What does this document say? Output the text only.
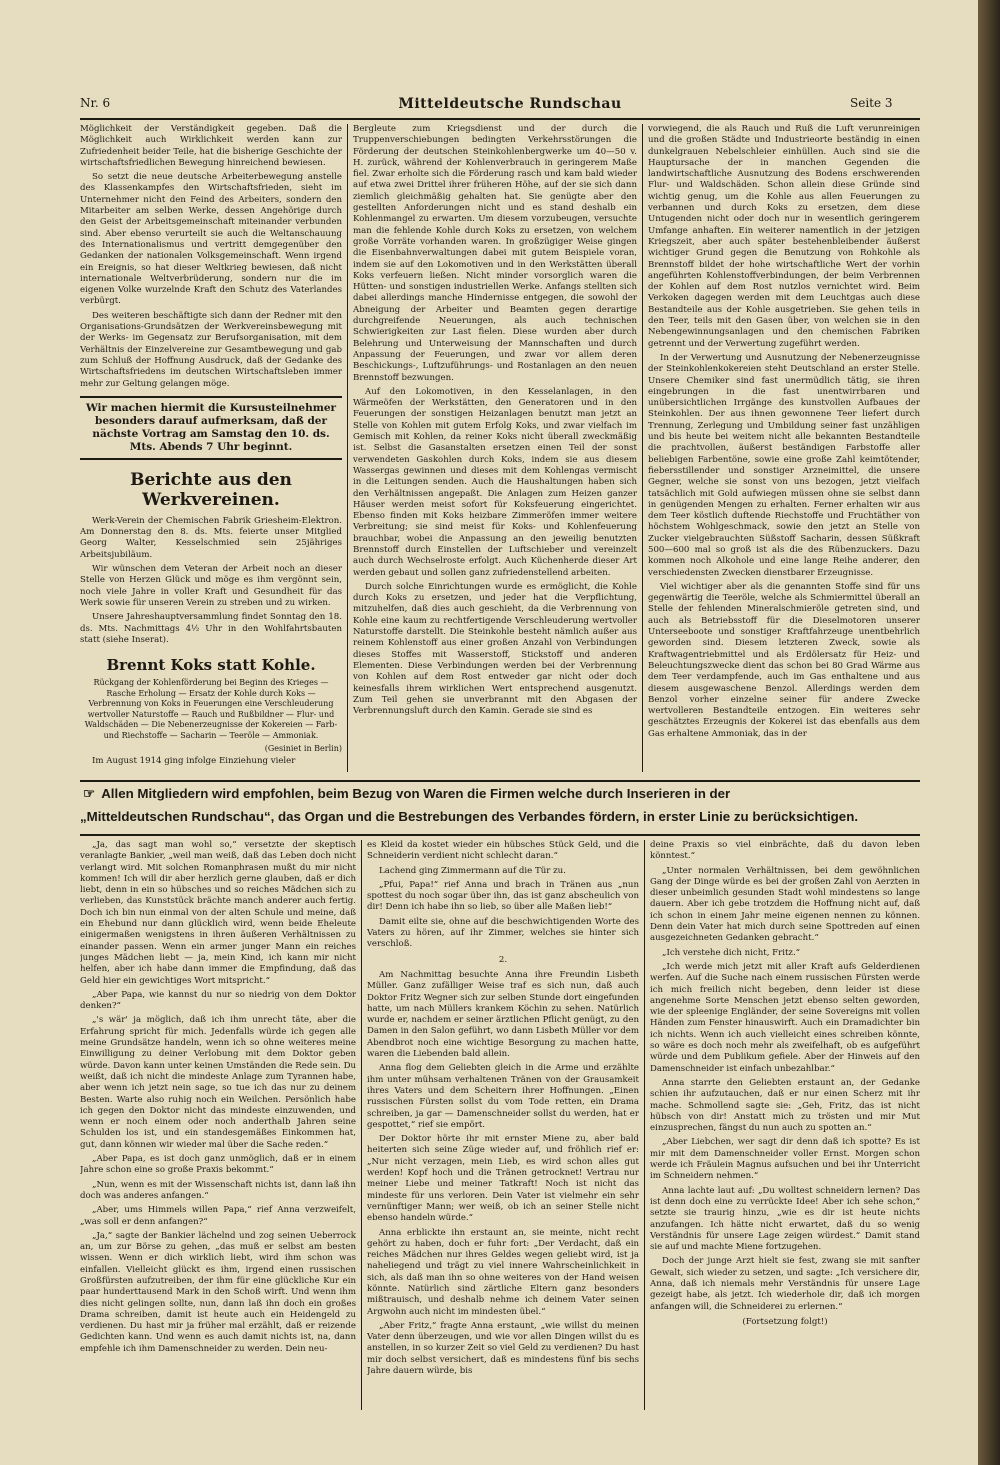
Nr. 6	Mitteldeutsche Rundschau	Seite 3

Möglichkeit der Verständigkeit gegeben. Daß die Möglichkeit auch Wirklichkeit werden kann zur Zufriedenheit beider Teile, hat die bisherige Geschichte der wirtschaftsfriedlichen Bewegung hinreichend bewiesen.

So setzt die neue deutsche Arbeiterbewegung anstelle des Klassenkampfes den Wirtschaftsfrieden, sieht im Unternehmer nicht den Feind des Arbeiters, sondern den Mitarbeiter am selben Werke, dessen Angehörige durch den Geist der Arbeitsgemeinschaft miteinander verbunden sind. Aber ebenso verurteilt sie auch die Weltanschauung des Internationalismus und vertritt demgegenüber den Gedanken der nationalen Volksgemeinschaft. Wenn irgend ein Ereignis, so hat dieser Weltkrieg bewiesen, daß nicht internationale Weltverbrüderung, sondern nur die im eigenen Volke wurzelnde Kraft den Schutz des Vaterlandes verbürgt.

Des weiteren beschäftigte sich dann der Redner mit den Organisations-Grundsätzen der Werkvereinsbewegung mit der Werks- im Gegensatz zur Berufsorganisation, mit dem Verhältnis der Einzelvereine zur Gesamtbewegung und gab zum Schluß der Hoffnung Ausdruck, daß der Gedanke des Wirtschaftsfriedens im deutschen Wirtschaftsleben immer mehr zur Geltung gelangen möge.

Wir machen hiermit die Kursusteilnehmer besonders darauf aufmerksam, daß der nächste Vortrag am Samstag den 10. ds. Mts. Abends 7 Uhr beginnt.
Berichte aus den Werkvereinen.

Werk-Verein der Chemischen Fabrik Griesheim-Elektron. Am Donnerstag den 8. ds. Mts. feierte unser Mitglied Georg Walter, Kesselschmied sein 25jähriges Arbeitsjubiläum.

Wir wünschen dem Veteran der Arbeit noch an dieser Stelle von Herzen Glück und möge es ihm vergönnt sein, noch viele Jahre in voller Kraft und Gesundheit für das Werk sowie für unseren Verein zu streben und zu wirken.

Unsere Jahreshauptversammlung findet Sonntag den 18. ds. Mts. Nachmittags 4½ Uhr in den Wohlfahrtsbauten statt (siehe Inserat).

Brennt Koks statt Kohle.
Rückgang der Kohlenförderung bei Beginn des Krieges — Rasche Erholung — Ersatz der Kohle durch Koks — Verbrennung von Koks in Feuerungen eine Verschleuderung wertvoller Naturstoffe — Rauch und Rußbildner — Flur- und Waldschäden — Die Nebenerzeugnisse der Kokereien — Farb- und Riechstoffe — Sacharin — Teeröle — Ammoniak.
(Gesiniet in Berlin)

Im August 1914 ging infolge Einziehung vieler

Bergleute zum Kriegsdienst und der durch die Truppenverschiebungen bedingten Verkehrsstörungen die Förderung der deutschen Steinkohlenbergwerke um 40—50 v. H. zurück, während der Kohlenverbrauch in geringerem Maße fiel. Zwar erholte sich die Förderung rasch und kam bald wieder auf etwa zwei Drittel ihrer früheren Höhe, auf der sie sich dann ziemlich gleichmäßig gehalten hat. Sie genügte aber den gestellten Anforderungen nicht und es stand deshalb ein Kohlenmangel zu erwarten. Um diesem vorzubeugen, versuchte man die fehlende Kohle durch Koks zu ersetzen, von welchem große Vorräte vorhanden waren. In großzügiger Weise gingen die Eisenbahnverwaltungen dabei mit gutem Beispiele voran, indem sie auf den Lokomotiven und in den Werkstätten überall Koks verfeuern ließen. Nicht minder vorsorglich waren die Hütten- und sonstigen industriellen Werke. Anfangs stellten sich dabei allerdings manche Hindernisse entgegen, die sowohl der Abneigung der Arbeiter und Beamten gegen derartige durchgreifende Neuerungen, als auch technischen Schwierigkeiten zur Last fielen. Diese wurden aber durch Belehrung und Unterweisung der Mannschaften und durch Anpassung der Feuerungen, und zwar vor allem deren Beschickungs-, Luftzuführungs- und Rostanlagen an den neuen Brennstoff bezwungen.

Auf den Lokomotiven, in den Kesselanlagen, in den Wärmeöfen der Werkstätten, den Generatoren und in den Feuerungen der sonstigen Heizanlagen benutzt man jetzt an Stelle von Kohlen mit gutem Erfolg Koks, und zwar vielfach im Gemisch mit Kohlen, da reiner Koks nicht überall zweckmäßig ist. Selbst die Gasanstalten ersetzen einen Teil der sonst verwendeten Gaskohlen durch Koks, indem sie aus diesem Wassergas gewinnen und dieses mit dem Kohlengas vermischt in die Leitungen senden. Auch die Haushaltungen haben sich den Verhältnissen angepaßt. Die Anlagen zum Heizen ganzer Häuser werden meist sofort für Koksfeuerung eingerichtet. Ebenso finden mit Koks heizbare Zimmeröfen immer weitere Verbreitung; sie sind meist für Koks- und Kohlenfeuerung brauchbar, wobei die Anpassung an den jeweilig benutzten Brennstoff durch Einstellen der Luftschieber und vereinzelt auch durch Wechselroste erfolgt. Auch Küchenherde dieser Art werden gebaut und sollen ganz zufriedenstellend arbeiten.

Durch solche Einrichtungen wurde es ermöglicht, die Kohle durch Koks zu ersetzen, und jeder hat die Verpflichtung, mitzuhelfen, daß dies auch geschieht, da die Verbrennung von Kohle eine kaum zu rechtfertigende Verschleuderung wertvoller Naturstoffe darstellt. Die Steinkohle besteht nämlich außer aus reinem Kohlenstoff aus einer großen Anzahl von Verbindungen dieses Stoffes mit Wasserstoff, Stickstoff und anderen Elementen. Diese Verbindungen werden bei der Verbrennung von Kohlen auf dem Rost entweder gar nicht oder doch keinesfalls ihrem wirklichen Wert entsprechend ausgenutzt. Zum Teil gehen sie unverbrannt mit den Abgasen der Verbrennungsluft durch den Kamin. Gerade sie sind es

vorwiegend, die als Rauch und Ruß die Luft verunreinigen und die großen Städte und Industrieorte beständig in einen dunkelgrauen Nebelschleier einhüllen. Auch sind sie die Hauptursache der in manchen Gegenden die landwirtschaftliche Ausnutzung des Bodens erschwerenden Flur- und Waldschäden. Schon allein diese Gründe sind wichtig genug, um die Kohle aus allen Feuerungen zu verbannen und durch Koks zu ersetzen, dem diese Untugenden nicht oder doch nur in wesentlich geringerem Umfange anhaften. Ein weiterer namentlich in der jetzigen Kriegszeit, aber auch später bestehenbleibender äußerst wichtiger Grund gegen die Benutzung von Rohkohle als Brennstoff bildet der hohe wirtschaftliche Wert der vorhin angeführten Kohlenstoffverbindungen, der beim Verbrennen der Kohlen auf dem Rost nutzlos vernichtet wird. Beim Verkoken dagegen werden mit dem Leuchtgas auch diese Bestandteile aus der Kohle ausgetrieben. Sie gehen teils in den Teer, teils mit den Gasen über, von welchen sie in den Nebengewinnungsanlagen und den chemischen Fabriken getrennt und der Verwertung zugeführt werden.

In der Verwertung und Ausnutzung der Nebenerzeugnisse der Steinkohlenkokereien steht Deutschland an erster Stelle. Unsere Chemiker sind fast unermüdlich tätig, sie ihren eingebrungen in die fast unentwirrbaren und unübersichtlichen Irrgänge des kunstvollen Aufbaues der Steinkohlen. Der aus ihnen gewonnene Teer liefert durch Trennung, Zerlegung und Umbildung seiner fast unzähligen und bis heute bei weitem nicht alle bekannten Bestandteile die prachtvollen, äußerst beständigen Farbstoffe aller beliebigen Farbentöne, sowie eine große Zahl keimtötender, fiebersstillender und sonstiger Arzneimittel, die unsere Gegner, welche sie sonst von uns bezogen, jetzt vielfach tatsächlich mit Gold aufwiegen müssen ohne sie selbst dann in genügenden Mengen zu erhalten. Ferner erhalten wir aus dem Teer köstlich duftende Riechstoffe und Fruchtäther von höchstem Wohlgeschmack, sowie den jetzt an Stelle von Zucker vielgebrauchten Süßstoff Sacharin, dessen Süßkraft 500—600 mal so groß ist als die des Rübenzuckers. Dazu kommen noch Alkohole und eine lange Reihe anderer, den verschiedensten Zwecken dienstbarer Erzeugnisse.

Viel wichtiger aber als die genannten Stoffe sind für uns gegenwärtig die Teeröle, welche als Schmiermittel überall an Stelle der fehlenden Mineralschmieröle getreten sind, und auch als Betriebsstoff für die Dieselmotoren unserer Unterseeboote und sonstiger Kraftfahrzeuge unentbehrlich geworden sind. Diesem letzteren Zweck, sowie als Kraftwagentriebmittel und als Erdölersatz für Heiz- und Beleuchtungszwecke dient das schon bei 80 Grad Wärme aus dem Teer verdampfende, auch im Gas enthaltene und aus diesem ausgewaschene Benzol. Allerdings werden dem Benzol vorher einzelne seiner für andere Zwecke wertvolleren Bestandteile entzogen. Ein weiteres sehr geschätztes Erzeugnis der Kokerei ist das ebenfalls aus dem Gas erhaltene Ammoniak, das in der

☞ Allen Mitgliedern wird empfohlen, beim Bezug von Waren die Firmen welche durch Inserieren in der
„Mitteldeutschen Rundschau“, das Organ und die Bestrebungen des Verbandes fördern, in erster Linie zu berücksichtigen.

„Ja, das sagt man wohl so,“ versetzte der skeptisch veranlagte Bankier, „weil man weiß, daß das Leben doch nicht verlangt wird. Mit solchen Romanphrasen mußt du mir nicht kommen! Ich will dir aber herzlich gerne glauben, daß er dich liebt, denn in ein so hübsches und so reiches Mädchen sich zu verlieben, das Kunststück brächte manch anderer auch fertig. Doch ich bin nun einmal von der alten Schule und meine, daß ein Ehebund nur dann glücklich wird, wenn beide Eheleute einigermaßen wenigstens in ihren äußeren Verhältnissen zu einander passen. Wenn ein armer junger Mann ein reiches junges Mädchen liebt — ja, mein Kind, ich kann mir nicht helfen, aber ich habe dann immer die Empfindung, daß das Geld hier ein gewichtiges Wort mitspricht.“

„Aber Papa, wie kannst du nur so niedrig von dem Doktor denken?“

„'s wär' ja möglich, daß ich ihm unrecht täte, aber die Erfahrung spricht für mich. Jedenfalls würde ich gegen alle meine Grundsätze handeln, wenn ich so ohne weiteres meine Einwilligung zu deiner Verlobung mit dem Doktor geben würde. Davon kann unter keinen Umständen die Rede sein. Du weißt, daß ich nicht die mindeste Anlage zum Tyrannen habe, aber wenn ich jetzt nein sage, so tue ich das nur zu deinem Besten. Warte also ruhig noch ein Weilchen. Persönlich habe ich gegen den Doktor nicht das mindeste einzuwenden, und wenn er noch einem oder noch anderthalb Jahren seine Schulden los ist, und ein standesgemäßes Einkommen hat, gut, dann können wir wieder mal über die Sache reden.“

„Aber Papa, es ist doch ganz unmöglich, daß er in einem Jahre schon eine so große Praxis bekommt.“

„Nun, wenn es mit der Wissenschaft nichts ist, dann laß ihn doch was anderes anfangen.“

„Aber, ums Himmels willen Papa,“ rief Anna verzweifelt, „was soll er denn anfangen?“

„Ja,“ sagte der Bankier lächelnd und zog seinen Ueberrock an, um zur Börse zu gehen, „das muß er selbst am besten wissen. Wenn er dich wirklich liebt, wird ihm schon was einfallen. Vielleicht glückt es ihm, irgend einen russischen Großfürsten aufzutreiben, der ihm für eine glückliche Kur ein paar hunderttausend Mark in den Schoß wirft. Und wenn ihm dies nicht gelingen sollte, nun, dann laß ihn doch ein großes Drama schreiben, damit ist heute auch ein Heidengeld zu verdienen. Du hast mir ja früher mal erzählt, daß er reizende Gedichten kann. Und wenn es auch damit nichts ist, na, dann empfehle ich ihm Damenschneider zu werden. Dein neu-

es Kleid da kostet wieder ein hübsches Stück Geld, und die Schneiderin verdient nicht schlecht daran.“

Lachend ging Zimmermann auf die Tür zu.

„Pfui, Papa!“ rief Anna und brach in Tränen aus „nun spottest du noch sogar über ihn, das ist ganz abscheulich von dir! Denn ich habe ihn so lieb, so über alle Maßen lieb!“

Damit eilte sie, ohne auf die beschwichtigenden Worte des Vaters zu hören, auf ihr Zimmer, welches sie hinter sich verschloß.

2.

Am Nachmittag besuchte Anna ihre Freundin Lisbeth Müller. Ganz zufälliger Weise traf es sich nun, daß auch Doktor Fritz Wegner sich zur selben Stunde dort eingefunden hatte, um nach Müllers krankem Köchin zu sehen. Natürlich wurde er, nachdem er seiner ärztlichen Pflicht genügt, zu den Damen in den Salon geführt, wo dann Lisbeth Müller vor dem Abendbrot noch eine wichtige Besorgung zu machen hatte, waren die Liebenden bald allein.

Anna flog dem Geliebten gleich in die Arme und erzählte ihm unter mühsam verhaltenen Tränen von der Grausamkeit ihres Vaters und dem Scheitern ihrer Hoffnungen. „Einen russischen Fürsten sollst du vom Tode retten, ein Drama schreiben, ja gar — Damenschneider sollst du werden, hat er gespottet,“ rief sie empört.

Der Doktor hörte ihr mit ernster Miene zu, aber bald heiterten sich seine Züge wieder auf, und fröhlich rief er: „Nur nicht verzagen, mein Lieb, es wird schon alles gut werden! Kopf hoch und die Tränen getrocknet! Vertrau nur meiner Liebe und meiner Tatkraft! Noch ist nicht das mindeste für uns verloren. Dein Vater ist vielmehr ein sehr vernünftiger Mann; wer weiß, ob ich an seiner Stelle nicht ebenso handeln würde.“

Anna erblickte ihn erstaunt an, sie meinte, nicht recht gehört zu haben, doch er fuhr fort: „Der Verdacht, daß ein reiches Mädchen nur ihres Geldes wegen geliebt wird, ist ja naheliegend und trägt zu viel innere Wahrscheinlichkeit in sich, als daß man ihn so ohne weiteres von der Hand weisen könnte. Natürlich sind zärtliche Eltern ganz besonders mißtrauisch, und deshalb nehme ich deinem Vater seinen Argwohn auch nicht im mindesten übel.“

„Aber Fritz,“ fragte Anna erstaunt, „wie willst du meinen Vater denn überzeugen, und wie vor allen Dingen willst du es anstellen, in so kurzer Zeit so viel Geld zu verdienen? Du hast mir doch selbst versichert, daß es mindestens fünf bis sechs Jahre dauern würde, bis

deine Praxis so viel einbrächte, daß du davon leben könntest.“

„Unter normalen Verhältnissen, bei dem gewöhnlichen Gang der Dinge würde es bei der großen Zahl von Aerzten in dieser unbeimlich gesunden Stadt wohl mindestens so lange dauern. Aber ich gebe trotzdem die Hoffnung nicht auf, daß ich schon in einem Jahr meine eigenen nennen zu können. Denn dein Vater hat mich durch seine Spottreden auf einen ausgezeichneten Gedanken gebracht.“

„Ich verstehe dich nicht, Fritz.“

„Ich werde mich jetzt mit aller Kraft aufs Gelderdienen werfen. Auf die Suche nach einem russischen Fürsten werde ich mich freilich nicht begeben, denn leider ist diese angenehme Sorte Menschen jetzt ebenso selten geworden, wie der spleenige Engländer, der seine Sovereigns mit vollen Händen zum Fenster hinauswirft. Auch ein Dramadichter bin ich nichts. Wenn ich auch vielleicht eines schreiben könnte, so wäre es doch noch mehr als zweifelhaft, ob es aufgeführt würde und dem Publikum gefiele. Aber der Hinweis auf den Damenschneider ist einfach unbezahlbar.“

Anna starrte den Geliebten erstaunt an, der Gedanke schien ihr aufzutauchen, daß er nur einen Scherz mit ihr mache. Schmollend sagte sie: „Geh, Fritz, das ist nicht hübsch von dir! Anstatt mich zu trösten und mir Mut einzusprechen, fängst du nun auch zu spotten an.“

„Aber Liebchen, wer sagt dir denn daß ich spotte? Es ist mir mit dem Damenschneider voller Ernst. Morgen schon werde ich Fräulein Magnus aufsuchen und bei ihr Unterricht im Schneidern nehmen.“

Anna lachte laut auf: „Du wolltest schneidern lernen? Das ist denn doch eine zu verrückte Idee! Aber ich sehe schon,“ setzte sie traurig hinzu, „wie es dir ist heute nichts anzufangen. Ich hätte nicht erwartet, daß du so wenig Verständnis für unsere Lage zeigen würdest.“ Damit stand sie auf und machte Miene fortzugehen.

Doch der junge Arzt hielt sie fest, zwang sie mit sanfter Gewalt, sich wieder zu setzen, und sagte: „Ich versichere dir, Anna, daß ich niemals mehr Verständnis für unsere Lage gezeigt habe, als jetzt. Ich wiederhole dir, daß ich morgen anfangen will, die Schneiderei zu erlernen.“

(Fortsetzung folgt!)
